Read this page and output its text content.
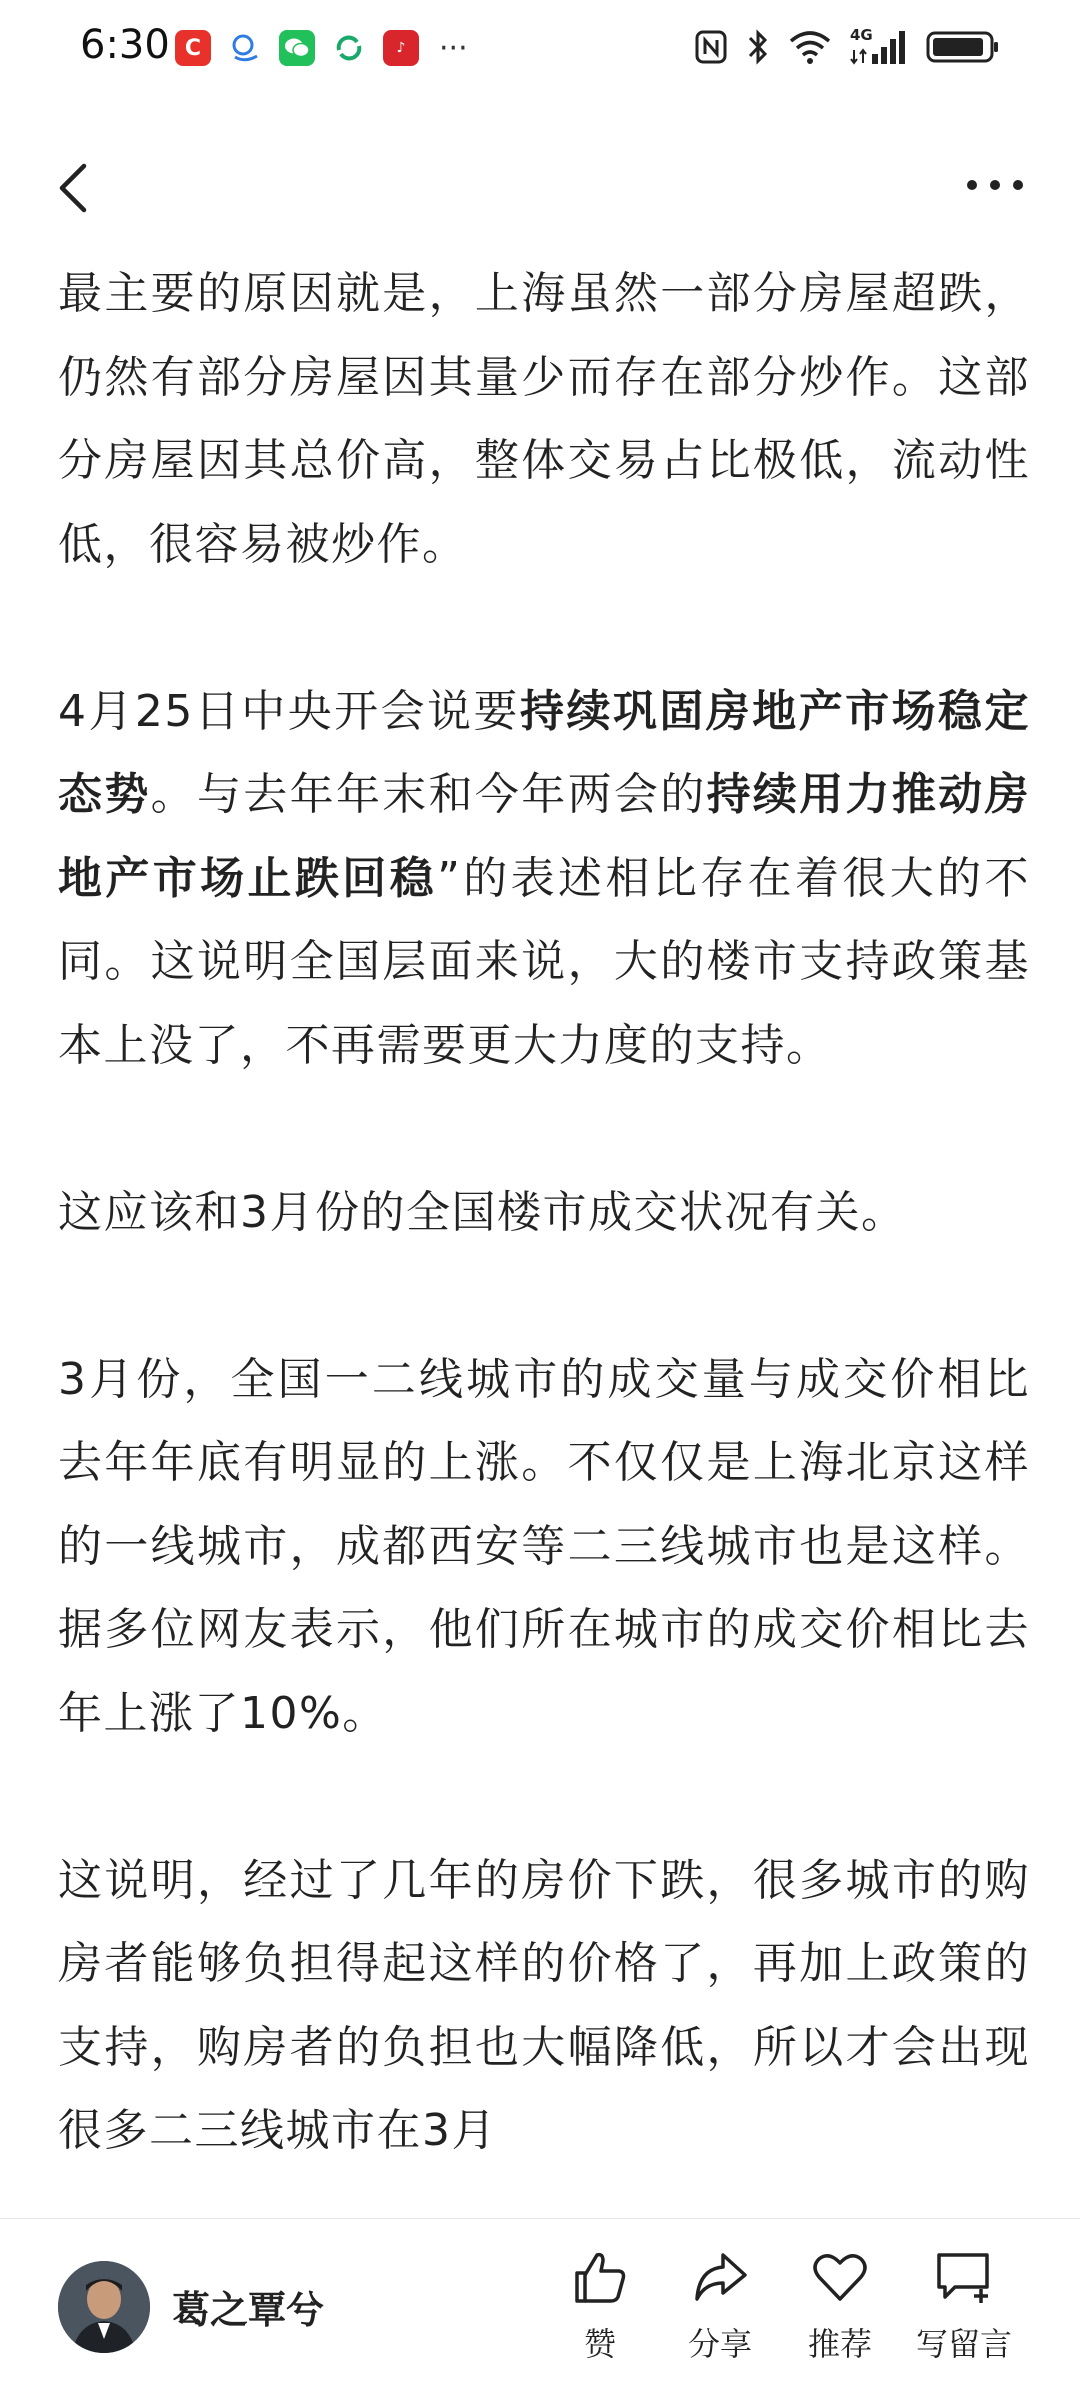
6:30 C	♪	···	4G

最主要的原因就是，上海虽然一部分房屋超跌，仍然有部分房屋因其量少而存在部分炒作。这部分房屋因其总价高，整体交易占比极低，流动性低，很容易被炒作。

4月25日中央开会说要持续巩固房地产市场稳定态势。与去年年末和今年两会的持续用力推动房地产市场止跌回稳”的表述相比存在着很大的不同。这说明全国层面来说，大的楼市支持政策基本上没了，不再需要更大力度的支持。

这应该和3月份的全国楼市成交状况有关。

3月份，全国一二线城市的成交量与成交价相比去年年底有明显的上涨。不仅仅是上海北京这样的一线城市，成都西安等二三线城市也是这样。据多位网友表示，他们所在城市的成交价相比去年上涨了10%。

这说明，经过了几年的房价下跌，很多城市的购房者能够负担得起这样的价格了，再加上政策的支持，购房者的负担也大幅降低，所以才会出现很多二三线城市在3月

葛之覃兮
赞	分享	推荐	写留言
